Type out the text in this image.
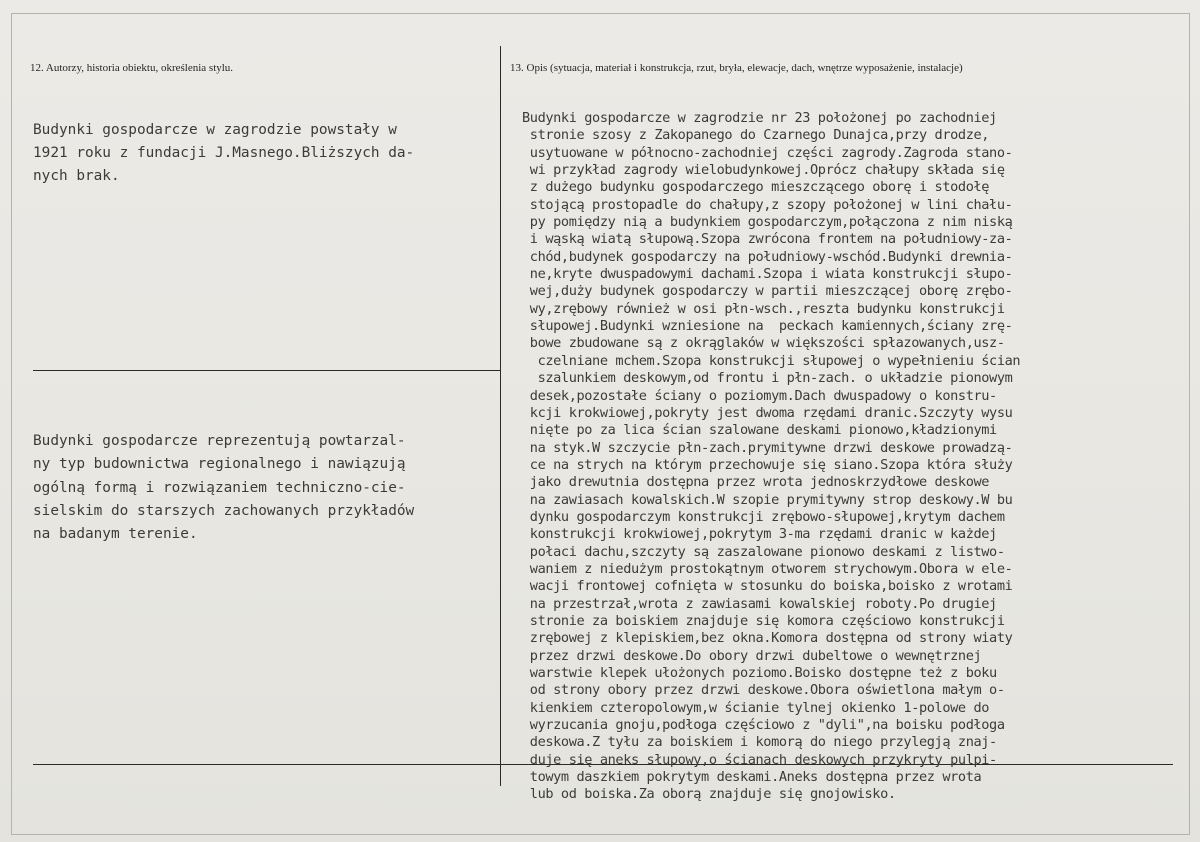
12. Autorzy, historia obiektu, określenia stylu.	13. Opis (sytuacja, materiał i konstrukcja, rzut, bryła, elewacje, dach, wnętrze wyposażenie, instalacje)
Budynki gospodarcze w zagrodzie powstały w
1921 roku z fundacji J.Masnego.Bliższych da-
nych brak.
Budynki gospodarcze reprezentują powtarzal-
ny typ budownictwa regionalnego i nawiązują
ogólną formą i rozwiązaniem techniczno-cie-
sielskim do starszych zachowanych przykładów
na badanym terenie.
Budynki gospodarcze w zagrodzie nr 23 położonej po zachodniej
stronie szosy z Zakopanego do Czarnego Dunajca,przy drodze,
usytuowane w północno-zachodniej części zagrody.Zagroda stano-
wi przykład zagrody wielobudynkowej.Oprócz chałupy składa się
z dużego budynku gospodarczego mieszczącego oborę i stodołę
stojącą prostopadle do chałupy,z szopy położonej w lini chału-
py pomiędzy nią a budynkiem gospodarczym,połączona z nim niską
i wąską wiatą słupową.Szopa zwrócona frontem na południowy-za-
chód,budynek gospodarczy na południowy-wschód.Budynki drewnia-
ne,kryte dwuspadowymi dachami.Szopa i wiata konstrukcji słupo-
wej,duży budynek gospodarczy w partii mieszczącej oborę zrębo-
wy,zrębowy również w osi płn-wsch.,reszta budynku konstrukcji
słupowej.Budynki wzniesione na  peckach kamiennych,ściany zrę-
bowe zbudowane są z okrąglaków w większości spłazowanych,usz-
czelniane mchem.Szopa konstrukcji słupowej o wypełnieniu ścian
szalunkiem deskowym,od frontu i płn-zach. o układzie pionowym
desek,pozostałe ściany o poziomym.Dach dwuspadowy o konstru-
kcji krokwiowej,pokryty jest dwoma rzędami dranic.Szczyty wysu
nięte po za lica ścian szalowane deskami pionowo,kładzionymi
na styk.W szczycie płn-zach.prymitywne drzwi deskowe prowadzą-
ce na strych na którym przechowuje się siano.Szopa która służy
jako drewutnia dostępna przez wrota jednoskrzydłowe deskowe
na zawiasach kowalskich.W szopie prymitywny strop deskowy.W bu
dynku gospodarczym konstrukcji zrębowo-słupowej,krytym dachem
konstrukcji krokwiowej,pokrytym 3-ma rzędami dranic w każdej
połaci dachu,szczyty są zaszalowane pionowo deskami z listwo-
waniem z niedużym prostokątnym otworem strychowym.Obora w ele-
wacji frontowej cofnięta w stosunku do boiska,boisko z wrotami
na przestrzał,wrota z zawiasami kowalskiej roboty.Po drugiej
stronie za boiskiem znajduje się komora częściowo konstrukcji
zrębowej z klepiskiem,bez okna.Komora dostępna od strony wiaty
przez drzwi deskowe.Do obory drzwi dubeltowe o wewnętrznej
warstwie klepek ułożonych poziomo.Boisko dostępne też z boku
od strony obory przez drzwi deskowe.Obora oświetlona małym o-
kienkiem czteropolowym,w ścianie tylnej okienko 1-polowe do
wyrzucania gnoju,podłoga częściowo z "dyli",na boisku podłoga
deskowa.Z tyłu za boiskiem i komorą do niego przylegją znaj-
duje się aneks słupowy,o ścianach deskowych przykryty pulpi-
towym daszkiem pokrytym deskami.Aneks dostępna przez wrota
lub od boiska.Za oborą znajduje się gnojowisko.
